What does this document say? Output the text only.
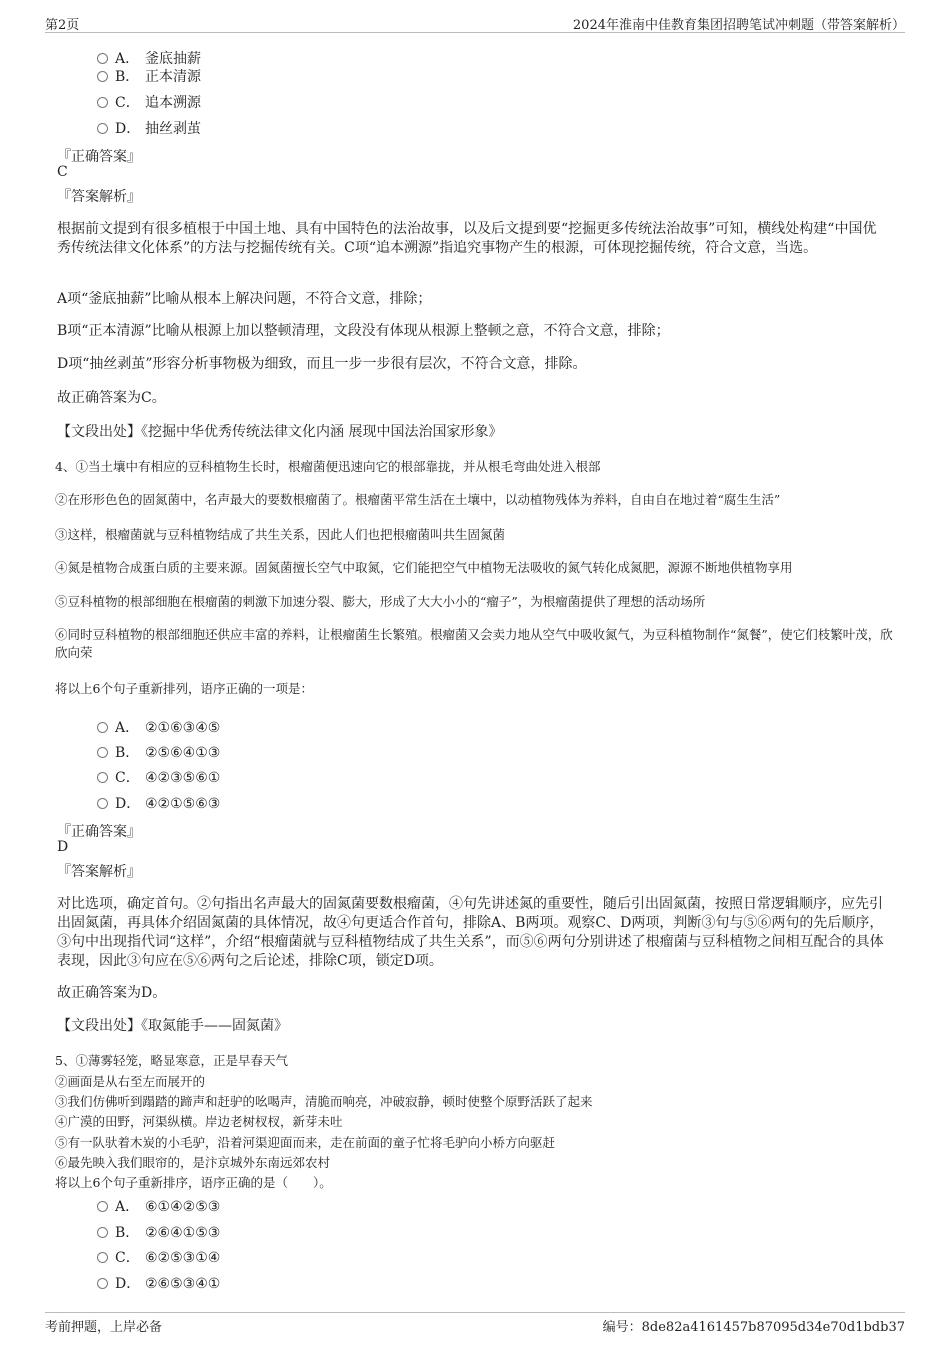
第2页	2024年淮南中佳教育集团招聘笔试冲刺题（带答案解析）
A． 釜底抽薪
B． 正本清源
C． 追本溯源
D． 抽丝剥茧
『正确答案』
C
『答案解析』
根据前文提到有很多植根于中国土地、具有中国特色的法治故事，以及后文提到要“挖掘更多传统法治故事”可知，横线处构建“中国优秀传统法律文化体系”的方法与挖掘传统有关。C项“追本溯源”指追究事物产生的根源，可体现挖掘传统，符合文意，当选。
A项“釜底抽薪”比喻从根本上解决问题，不符合文意，排除；
B项“正本清源”比喻从根源上加以整顿清理，文段没有体现从根源上整顿之意，不符合文意，排除；
D项“抽丝剥茧”形容分析事物极为细致，而且一步一步很有层次，不符合文意，排除。
故正确答案为C。
【文段出处】《挖掘中华优秀传统法律文化内涵 展现中国法治国家形象》
4、①当土壤中有相应的豆科植物生长时，根瘤菌便迅速向它的根部靠拢，并从根毛弯曲处进入根部
②在形形色色的固氮菌中，名声最大的要数根瘤菌了。根瘤菌平常生活在土壤中，以动植物残体为养料，自由自在地过着“腐生生活”
③这样，根瘤菌就与豆科植物结成了共生关系，因此人们也把根瘤菌叫共生固氮菌
④氮是植物合成蛋白质的主要来源。固氮菌擅长空气中取氮，它们能把空气中植物无法吸收的氮气转化成氮肥，源源不断地供植物享用
⑤豆科植物的根部细胞在根瘤菌的刺激下加速分裂、膨大，形成了大大小小的“瘤子”，为根瘤菌提供了理想的活动场所
⑥同时豆科植物的根部细胞还供应丰富的养料，让根瘤菌生长繁殖。根瘤菌又会卖力地从空气中吸收氮气，为豆科植物制作“氮餐”，使它们枝繁叶茂，欣欣向荣
将以上6个句子重新排列，语序正确的一项是：
A． ②①⑥③④⑤
B． ②⑤⑥④①③
C． ④②③⑤⑥①
D． ④②①⑤⑥③
『正确答案』
D
『答案解析』
对比选项，确定首句。②句指出名声最大的固氮菌要数根瘤菌，④句先讲述氮的重要性，随后引出固氮菌，按照日常逻辑顺序，应先引出固氮菌，再具体介绍固氮菌的具体情况，故④句更适合作首句，排除A、B两项。观察C、D两项，判断③句与⑤⑥两句的先后顺序，③句中出现指代词“这样”，介绍“根瘤菌就与豆科植物结成了共生关系”，而⑤⑥两句分别讲述了根瘤菌与豆科植物之间相互配合的具体表现，因此③句应在⑤⑥两句之后论述，排除C项，锁定D项。
故正确答案为D。
【文段出处】《取氮能手——固氮菌》
5、①薄雾轻笼，略显寒意，正是早春天气
②画面是从右至左而展开的
③我们仿佛听到蹋踏的蹄声和赶驴的吆喝声，清脆而响亮，冲破寂静，顿时使整个原野活跃了起来
④广漠的田野，河渠纵横。岸边老树杈杈，新芽未吐
⑤有一队驮着木炭的小毛驴，沿着河渠迎面而来，走在前面的童子忙将毛驴向小桥方向驱赶
⑥最先映入我们眼帘的，是汴京城外东南远郊农村
将以上6个句子重新排序，语序正确的是（　　）。
A． ⑥①④②⑤③
B． ②⑥④①⑤③
C． ⑥②⑤③①④
D． ②⑥⑤③④①
考前押题，上岸必备	编号：8de82a4161457b87095d34e70d1bdb37
